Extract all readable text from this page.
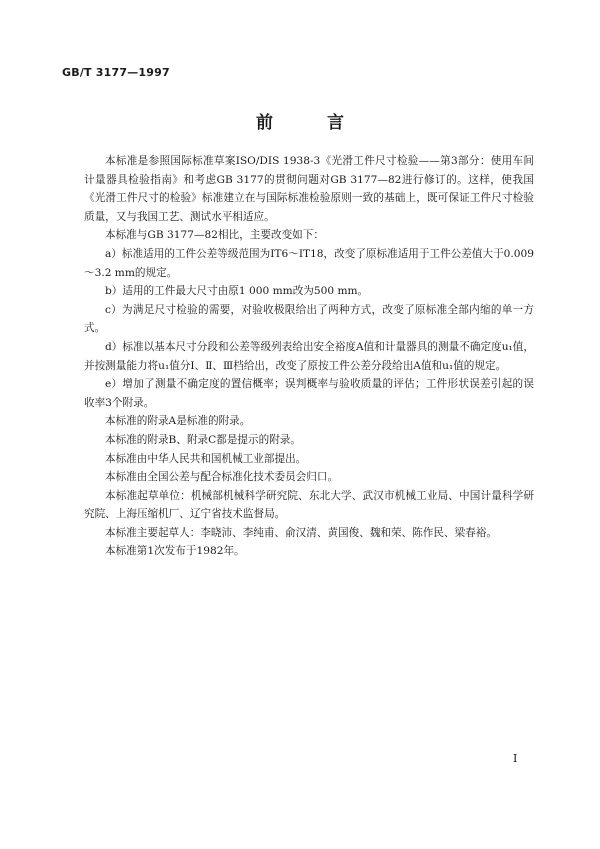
GB/T 3177—1997
前 言

本标准是参照国际标准草案ISO/DIS 1938-3《光滑工件尺寸检验——第3部分：使用车间计量器具检验指南》和考虑GB 3177的贯彻问题对GB 3177—82进行修订的。这样，使我国《光滑工件尺寸的检验》标准建立在与国际标准检验原则一致的基础上，既可保证工件尺寸检验质量，又与我国工艺、测试水平相适应。

本标准与GB 3177—82相比，主要改变如下：

a）标准适用的工件公差等级范围为IT6～IT18，改变了原标准适用于工件公差值大于0.009～3.2 mm的规定。

b）适用的工件最大尺寸由原1 000 mm改为500 mm。

c）为满足尺寸检验的需要，对验收极限给出了两种方式，改变了原标准全部内缩的单一方式。

d）标准以基本尺寸分段和公差等级列表给出安全裕度A值和计量器具的测量不确定度u₁值，并按测量能力将u₁值分Ⅰ、Ⅱ、Ⅲ档给出，改变了原按工件公差分段给出A值和u₁值的规定。

e）增加了测量不确定度的置信概率；误判概率与验收质量的评估；工件形状误差引起的误收率3个附录。

本标准的附录A是标准的附录。

本标准的附录B、附录C都是提示的附录。

本标准由中华人民共和国机械工业部提出。

本标准由全国公差与配合标准化技术委员会归口。

本标准起草单位：机械部机械科学研究院、东北大学、武汉市机械工业局、中国计量科学研究院、上海压缩机厂、辽宁省技术监督局。

本标准主要起草人：李晓沛、李纯甫、俞汉清、黄国俊、魏和荣、陈作民、梁春裕。

本标准第1次发布于1982年。

I
